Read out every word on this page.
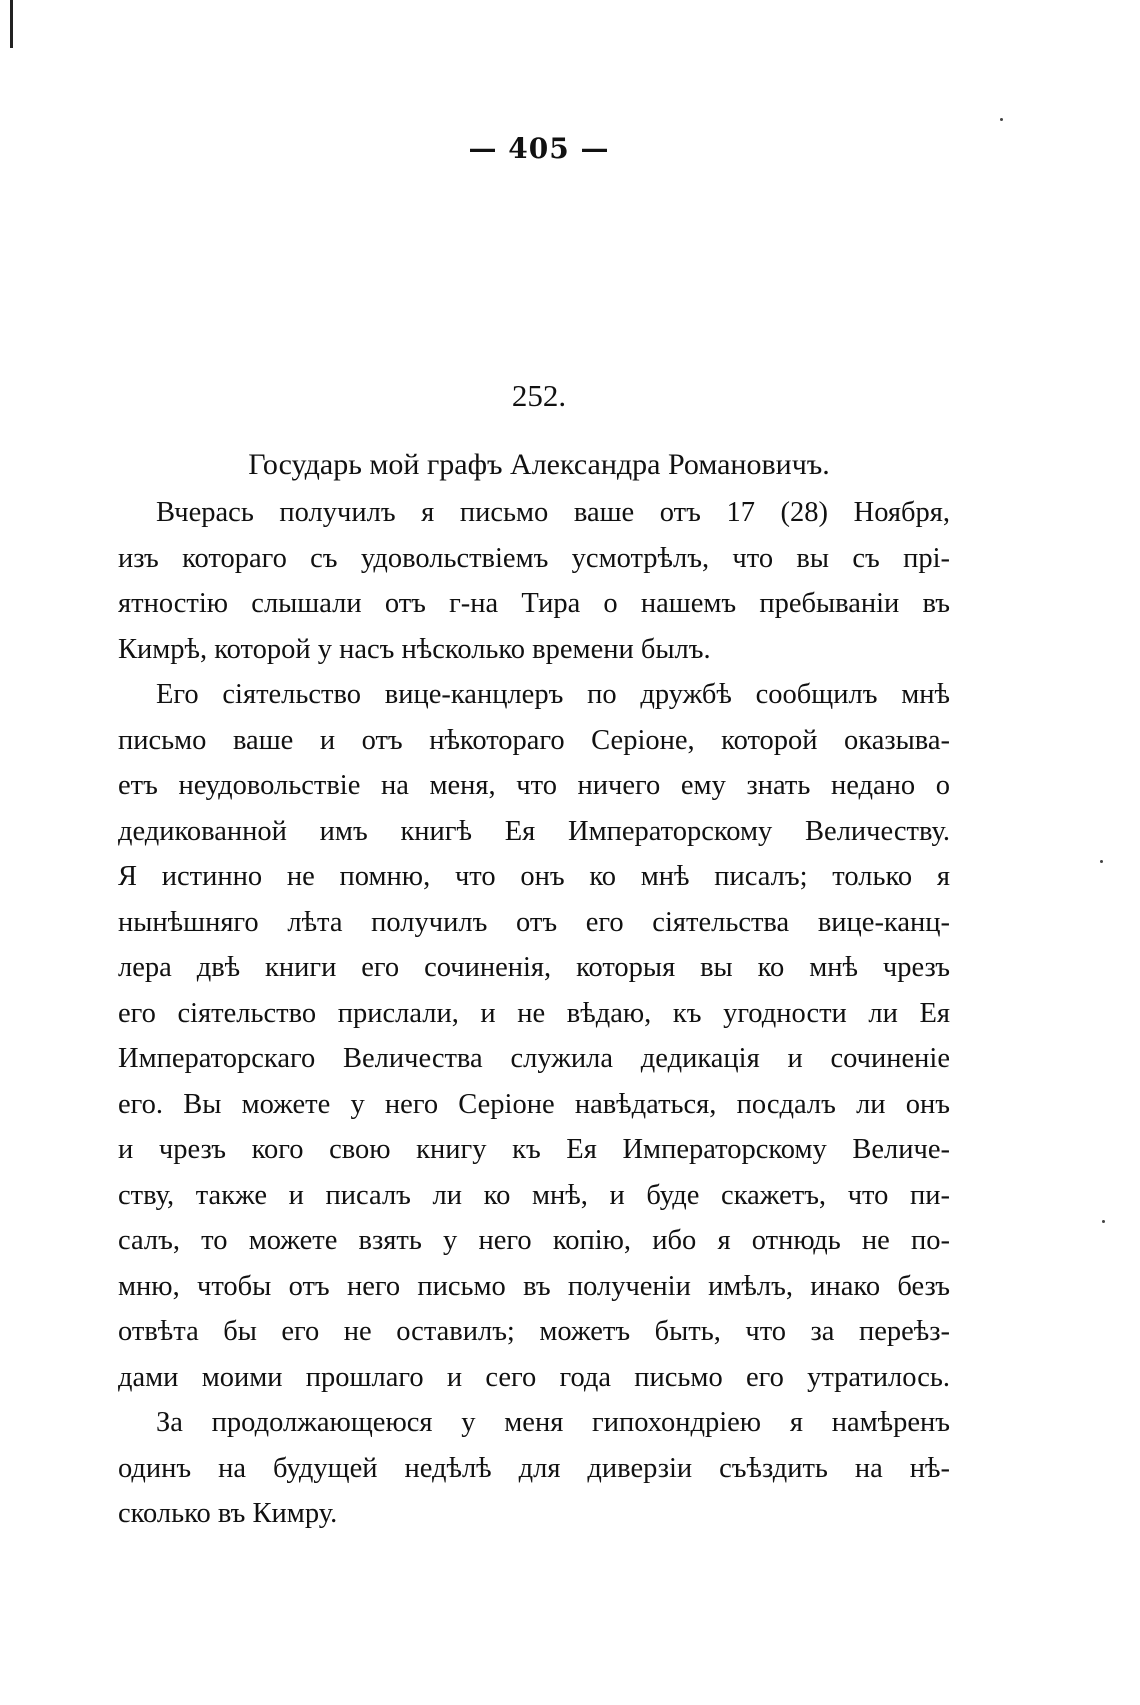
— 405 —
252.
Государь мой графъ Александра Романовичъ.
Вчерась получилъ я письмо ваше отъ 17 (28) Ноября,
изъ котораго съ удовольствіемъ усмотрѣлъ, что вы съ прі-
ятностію слышали отъ г-на Тира о нашемъ пребываніи въ
Кимрѣ, которой у насъ нѣсколько времени былъ.
Его сіятельство вице-канцлеръ по дружбѣ сообщилъ мнѣ
письмо ваше и отъ нѣкотораго Серіоне, которой оказыва-
етъ неудовольствіе на меня, что ничего ему знать недано о
дедикованной имъ книгѣ Ея Императорскому Величеству.
Я истинно не помню, что онъ ко мнѣ писалъ; только я
нынѣшняго лѣта получилъ отъ его сіятельства вице-канц-
лера двѣ книги его сочиненія, которыя вы ко мнѣ чрезъ
его сіятельство прислали, и не вѣдаю, къ угодности ли Ея
Императорскаго Величества служила дедикація и сочиненіе
его. Вы можете у него Серіоне навѣдаться, посдалъ ли онъ
и чрезъ кого свою книгу къ Ея Императорскому Величе-
ству, также и писалъ ли ко мнѣ, и буде скажетъ, что пи-
салъ, то можете взять у него копію, ибо я отнюдь не по-
мню, чтобы отъ него письмо въ полученіи имѣлъ, инако безъ
отвѣта бы его не оставилъ; можетъ быть, что за переѣз-
дами моими прошлаго и сего года письмо его утратилось.
За продолжающеюся у меня гипохондріею я намѣренъ
одинъ на будущей недѣлѣ для диверзіи съѣздить на нѣ-
сколько въ Кимру.
